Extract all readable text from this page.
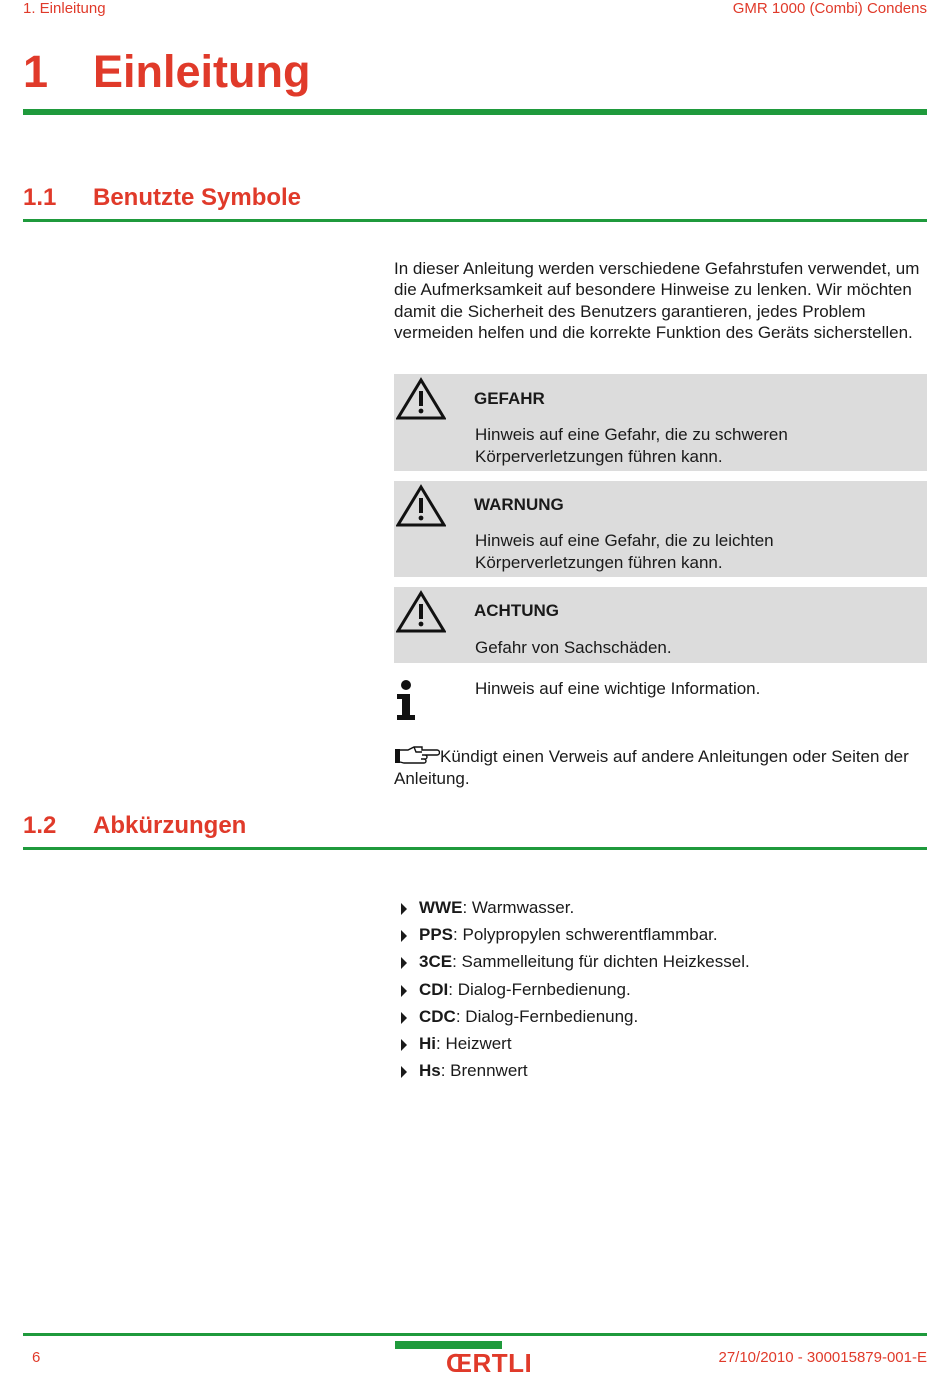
1. Einleitung	GMR 1000 (Combi) Condens
1 Einleitung
1.1 Benutzte Symbole

In dieser Anleitung werden verschiedene Gefahrstufen verwendet, um die Aufmerksamkeit auf besondere Hinweise zu lenken. Wir möchten damit die Sicherheit des Benutzers garantieren, jedes Problem vermeiden helfen und die korrekte Funktion des Geräts sicherstellen.

GEFAHR
Hinweis auf eine Gefahr, die zu schweren Körperverletzungen führen kann.
WARNUNG
Hinweis auf eine Gefahr, die zu leichten Körperverletzungen führen kann.
ACHTUNG
Gefahr von Sachschäden.
Hinweis auf eine wichtige Information.
Kündigt einen Verweis auf andere Anleitungen oder Seiten der Anleitung.
1.2 Abkürzungen
WWE: Warmwasser.
PPS: Polypropylen schwerentflammbar.
3CE: Sammelleitung für dichten Heizkessel.
CDI: Dialog-Fernbedienung.
CDC: Dialog-Fernbedienung.
Hi: Heizwert
Hs: Brennwert
6	ŒRTLI	27/10/2010 - 300015879-001-E
